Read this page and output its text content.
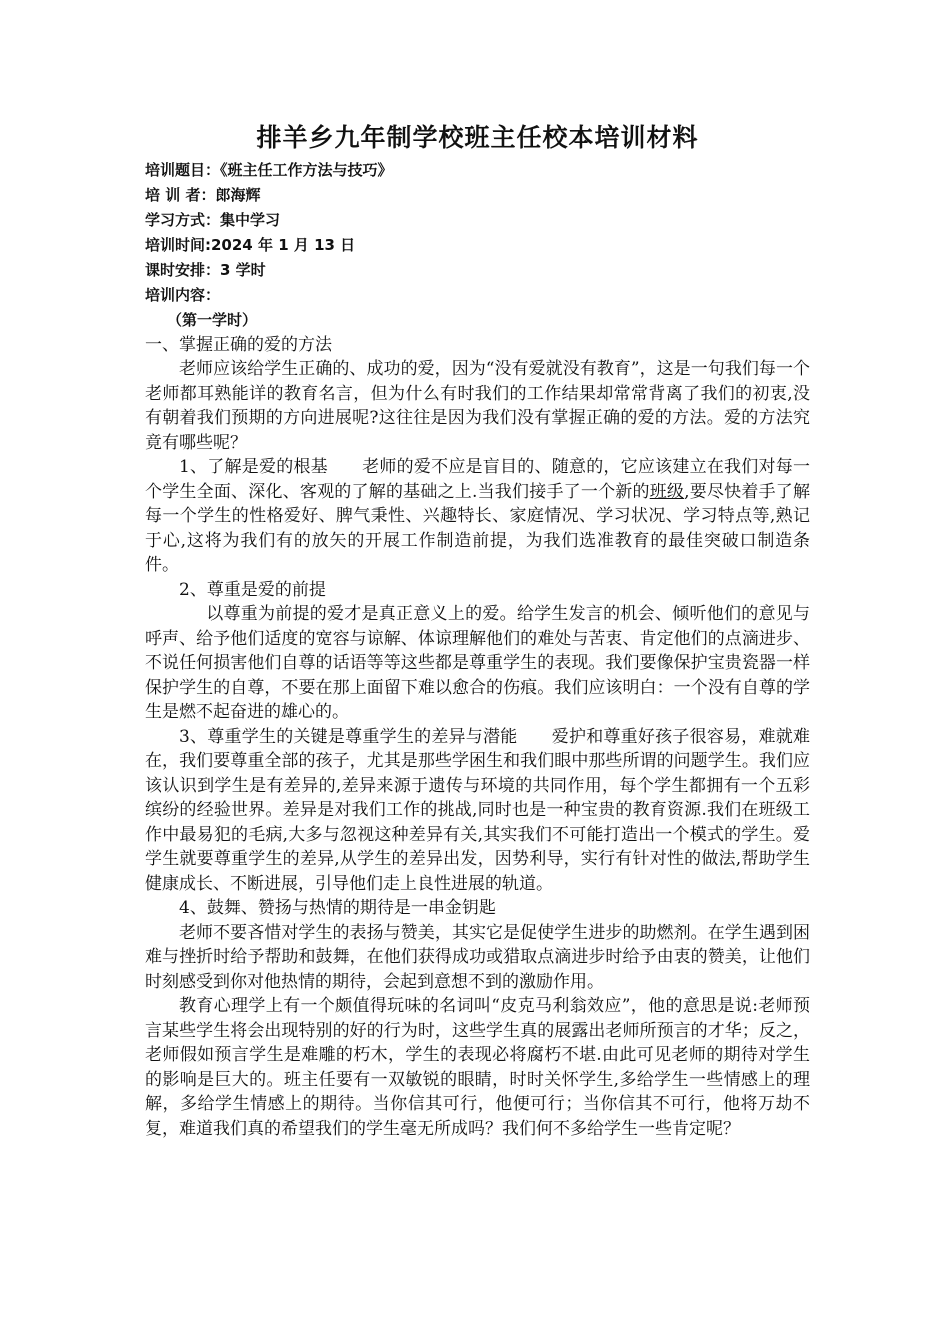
排羊乡九年制学校班主任校本培训材料
培训题目：《班主任工作方法与技巧》
培 训 者：郎海辉
学习方式：集中学习
培训时间:2024 年 1 月 13 日
课时安排：3 学时
培训内容：
（第一学时）
一、掌握正确的爱的方法
老师应该给学生正确的、成功的爱，因为“没有爱就没有教育”，这是一句我们每一个老师都耳熟能详的教育名言，但为什么有时我们的工作结果却常常背离了我们的初衷,没有朝着我们预期的方向进展呢?这往往是因为我们没有掌握正确的爱的方法。爱的方法究竟有哪些呢？
1、了解是爱的根基   老师的爱不应是盲目的、随意的，它应该建立在我们对每一个学生全面、深化、客观的了解的基础之上.当我们接手了一个新的班级,要尽快着手了解每一个学生的性格爱好、脾气秉性、兴趣特长、家庭情况、学习状况、学习特点等,熟记于心,这将为我们有的放矢的开展工作制造前提，为我们选准教育的最佳突破口制造条件。
2、尊重是爱的前提
以尊重为前提的爱才是真正意义上的爱。给学生发言的机会、倾听他们的意见与呼声、给予他们适度的宽容与谅解、体谅理解他们的难处与苦衷、肯定他们的点滴进步、不说任何损害他们自尊的话语等等这些都是尊重学生的表现。我们要像保护宝贵瓷器一样保护学生的自尊，不要在那上面留下难以愈合的伤痕。我们应该明白：一个没有自尊的学生是燃不起奋进的雄心的。
3、尊重学生的关键是尊重学生的差异与潜能   爱护和尊重好孩子很容易，难就难在，我们要尊重全部的孩子，尤其是那些学困生和我们眼中那些所谓的问题学生。我们应该认识到学生是有差异的,差异来源于遗传与环境的共同作用，每个学生都拥有一个五彩缤纷的经验世界。差异是对我们工作的挑战,同时也是一种宝贵的教育资源.我们在班级工作中最易犯的毛病,大多与忽视这种差异有关,其实我们不可能打造出一个模式的学生。爱学生就要尊重学生的差异,从学生的差异出发，因势利导，实行有针对性的做法,帮助学生健康成长、不断进展，引导他们走上良性进展的轨道。
4、鼓舞、赞扬与热情的期待是一串金钥匙
老师不要吝惜对学生的表扬与赞美，其实它是促使学生进步的助燃剂。在学生遇到困难与挫折时给予帮助和鼓舞，在他们获得成功或猎取点滴进步时给予由衷的赞美，让他们时刻感受到你对他热情的期待，会起到意想不到的激励作用。
教育心理学上有一个颇值得玩味的名词叫“皮克马利翁效应”，他的意思是说:老师预言某些学生将会出现特别的好的行为时，这些学生真的展露出老师所预言的才华；反之，老师假如预言学生是难雕的朽木，学生的表现必将腐朽不堪.由此可见老师的期待对学生的影响是巨大的。班主任要有一双敏锐的眼睛，时时关怀学生,多给学生一些情感上的理解，多给学生情感上的期待。当你信其可行，他便可行；当你信其不可行，他将万劫不复，难道我们真的希望我们的学生毫无所成吗？我们何不多给学生一些肯定呢？
